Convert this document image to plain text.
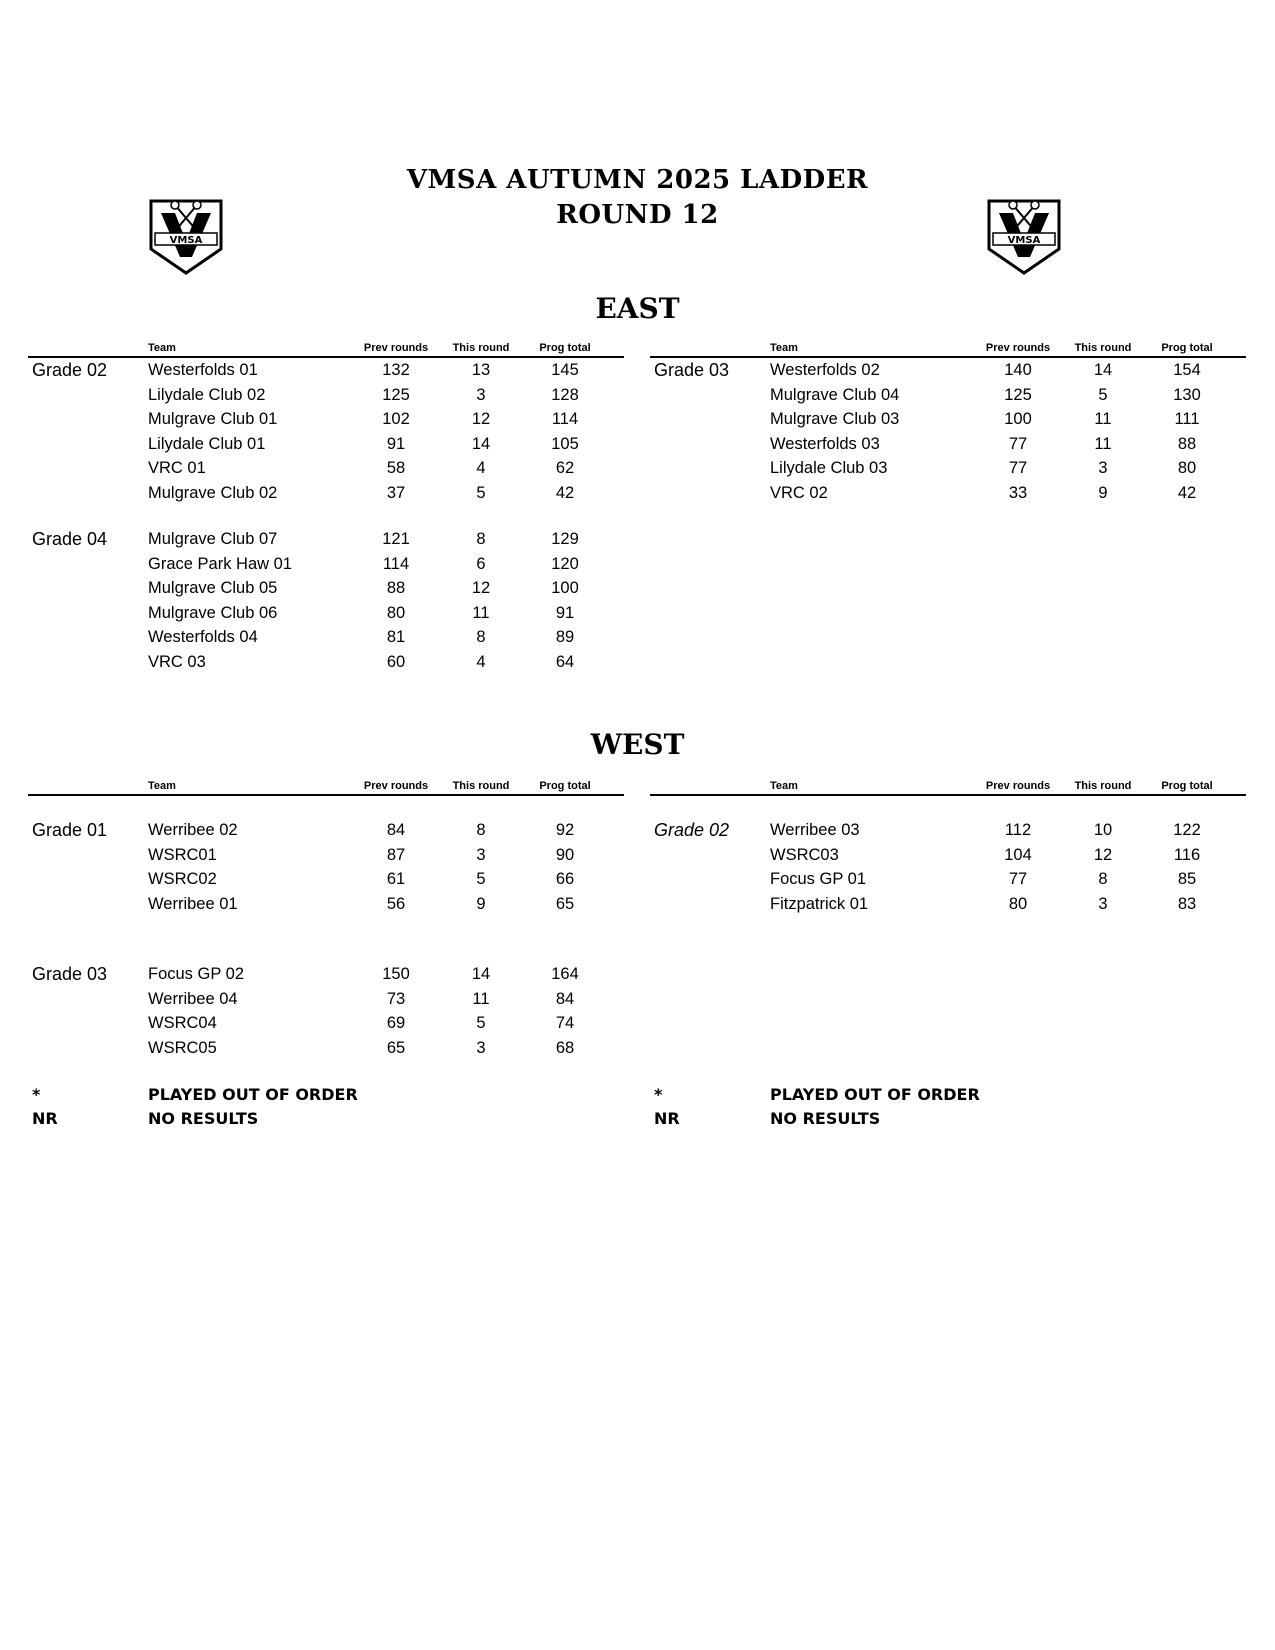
VMSA AUTUMN 2025 LADDER
ROUND 12
VMSA	VMSA
EAST
Team	Prev rounds	This round	Prog total
Grade 02 Westerfolds 01	132	13	145
Lilydale Club 02	125	3	128
Mulgrave Club 01	102	12	114
Lilydale Club 01	91	14	105
VRC 01	58	4	62
Mulgrave Club 02	37	5	42
Grade 04 Mulgrave Club 07	121	8	129
Grace Park Haw 01	114	6	120
Mulgrave Club 05	88	12	100
Mulgrave Club 06	80	11	91
Westerfolds 04	81	8	89
VRC 03	60	4	64
Team	Prev rounds	This round	Prog total
Grade 03 Westerfolds 02	140	14	154
Mulgrave Club 04	125	5	130
Mulgrave Club 03	100	11	111
Westerfolds 03	77	11	88
Lilydale Club 03	77	3	80
VRC 02	33	9	42
WEST
Team	Prev rounds	This round	Prog total
Grade 01 Werribee 02	84	8	92
WSRC01	87	3	90
WSRC02	61	5	66
Werribee 01	56	9	65
Grade 03 Focus GP 02	150	14	164
Werribee 04	73	11	84
WSRC04	69	5	74
WSRC05	65	3	68
Team	Prev rounds	This round	Prog total
Grade 02 Werribee 03	112	10	122
WSRC03	104	12	116
Focus GP 01	77	8	85
Fitzpatrick 01	80	3	83
*	PLAYED OUT OF ORDER
NR	NO RESULTS
*	PLAYED OUT OF ORDER
NR	NO RESULTS
